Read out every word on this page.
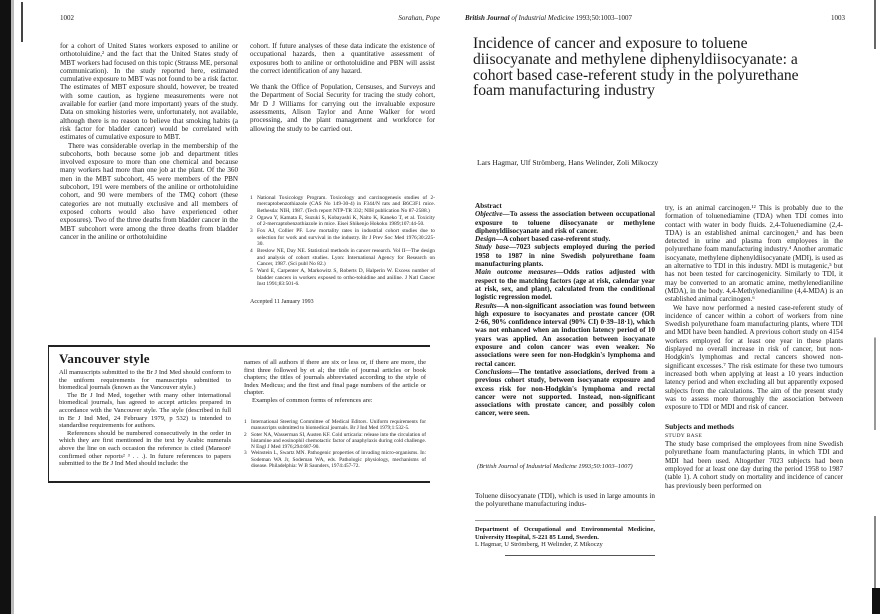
1002	Sorahan, Pope

for a cohort of United States workers exposed to aniline or orthotoluidine,² and the fact that the United States study of MBT workers had focused on this topic (Strauss ME, personal communication). In the study reported here, estimated cumulative exposure to MBT was not found to be a risk factor. The estimates of MBT exposure should, however, be treated with some caution, as hygiene measurements were not available for earlier (and more important) years of the study. Data on smoking histories were, unfortunately, not available, although there is no reason to believe that smoking habits (a risk factor for bladder cancer) would be correlated with estimates of cumulative exposure to MBT.

There was considerable overlap in the membership of the subcohorts, both because some job and department titles involved exposure to more than one chemical and because many workers had more than one job at the plant. Of the 360 men in the MBT subcohort, 45 were members of the PBN subcohort, 191 were members of the aniline or orthotoluidine cohort, and 90 were members of the TMQ cohort (these categories are not mutually exclusive and all members of exposed cohorts would also have experienced other exposures). Two of the three deaths from bladder cancer in the MBT subcohort were among the three deaths from bladder cancer in the aniline or orthotoluidine

cohort. If future analyses of these data indicate the existence of occupational hazards, then a quantitative assessment of exposures both to aniline or orthotoluidine and PBN will assist the correct identification of any hazard.

We thank the Office of Population, Censuses, and Surveys and the Department of Social Security for tracing the study cohort, Mr D J Williams for carrying out the invaluable exposure assessments, Alison Taylor and Anne Walker for word processing, and the plant management and workforce for allowing the study to be carried out.

1 National Toxicology Program. Toxicology and carcinogenesis studies of 2-mercaptobenzothiazole (CAS No 149-30-4) in F344/N rats and B6C3F1 mice. Bethesda: NIH, 1987. (Tech report NTP-TR 332; NIH publication No 87-2588.)
2 Ogawa Y, Kamata E, Suzuki S, Kobayashi K, Naito K, Kaneko T, et al. Toxicity of 2-mercaptobenzothiazole in mice. Eisei Shikenjo Hokoku 1989;107:44-50.
3 Fox AJ, Collier PF. Low mortality rates in industrial cohort studies due to selection for work and survival in the industry. Br J Prev Soc Med 1976;30:225-30.
4 Breslow NE, Day NE. Statistical methods in cancer research. Vol II—The design and analysis of cohort studies. Lyon: International Agency for Research on Cancer, 1987. (Sci publ No 82.)
5 Ward E, Carpenter A, Markowitz S, Roberts D, Halperin W. Excess number of bladder cancers in workers exposed to ortho-toluidine and aniline. J Natl Cancer Inst 1991;83:501-6.
Accepted 11 January 1993
Vancouver style

All manuscripts submitted to the Br J Ind Med should conform to the uniform requirements for manuscripts submitted to biomedical journals (known as the Vancouver style.)

The Br J Ind Med, together with many other international biomedical journals, has agreed to accept articles prepared in accordance with the Vancouver style. The style (described in full in Br J Ind Med, 24 February 1979, p 532) is intended to standardise requirements for authors.

References should be numbered consecutively in the order in which they are first mentioned in the text by Arabic numerals above the line on each occasion the reference is cited (Manson¹ confirmed other reports² ³ . . .). In future references to papers submitted to the Br J Ind Med should include: the

names of all authors if there are six or less or, if there are more, the first three followed by et al; the title of journal articles or book chapters; the titles of journals abbreviated according to the style of Index Medicus; and the first and final page numbers of the article or chapter.

Examples of common forms of references are:

1 International Steering Committee of Medical Editors. Uniform requirements for manuscripts submitted to biomedical journals. Br J Ind Med 1979;1:532-5.
2 Soter NA, Wasserman SI, Austen KF. Cold urticaria: release into the circulation of histamine and eosinophil chemotactic factor of anaphylaxis during cold challenge. N Engl J Med 1976;294:687-90.
3 Weinstein L, Swartz MN. Pathogenic properties of invading micro-organisms. In: Sodeman WA Jr, Sodeman WA, eds. Pathologic physiology, mechanisms of disease. Philadelphia: W B Saunders, 1974:457-72.
British Journal of Industrial Medicine 1993;50:1003–1007	1003
Incidence of cancer and exposure to toluene diisocyanate and methylene diphenyldiisocyanate: a cohort based case-referent study in the polyurethane foam manufacturing industry
Lars Hagmar, Ulf Strömberg, Hans Welinder, Zoli Mikoczy
Abstract

Objective—To assess the association between occupational exposure to toluene diisocyanate or methylene diphenyldiisocyanate and risk of cancer.

Design—A cohort based case-referent study.

Study base—7023 subjects employed during the period 1958 to 1987 in nine Swedish polyurethane foam manufacturing plants.

Main outcome measures—Odds ratios adjusted with respect to the matching factors (age at risk, calendar year at risk, sex, and plant), calculated from the conditional logistic regression model.

Results—A non-significant association was found between high exposure to isocyanates and prostate cancer (OR 2·66, 90% confidence interval (90% CI) 0·39–18·1), which was not enhanced when an induction latency period of 10 years was applied. An assocation between isocyanate exposure and colon cancer was even weaker. No associations were seen for non-Hodgkin's lymphoma and rectal cancer.

Conclusions—The tentative associations, derived from a previous cohort study, between isocyanate exposure and excess risk for non-Hodgkin's lymphoma and rectal cancer were not supported. Instead, non-significant associations with prostate cancer, and possibly colon cancer, were seen.

(British Journal of Industrial Medicine 1993;50:1003–1007)

Toluene diisocyanate (TDI), which is used in large amounts in the polyurethane manufacturing indus-

Department of Occupational and Environmental Medicine, University Hospital, S-221 85 Lund, Sweden.

L Hagmar, U Strömberg, H Welinder, Z Mikoczy

try, is an animal carcinogen.¹² This is probably due to the formation of toluenediamine (TDA) when TDI comes into contact with water in body fluids. 2,4-Toluenediamine (2,4-TDA) is an established animal carcinogen,³ and has been detected in urine and plasma from employees in the polyurethane foam manufacturing industry.⁴ Another aromatic isocyanate, methylene diphenyldiisocyanate (MDI), is used as an alternative to TDI in this industry. MDI is mutagenic,⁵ but has not been tested for carcinogenicity. Similarly to TDI, it may be converted to an aromatic amine, methylenedianiline (MDA), in the body. 4,4-Methylenedianiline (4,4-MDA) is an established animal carcinogen.⁶

We have now performed a nested case-referent study of incidence of cancer within a cohort of workers from nine Swedish polyurethane foam manufacturing plants, where TDI and MDI have been handled. A previous cohort study on 4154 workers employed for at least one year in these plants displayed no overall increase in risk of cancer, but non-Hodgkin's lymphomas and rectal cancers showed non-significant excesses.⁷ The risk estimate for these two tumours increased both when applying at least a 10 years induction latency period and when excluding all but apparently exposed subjects from the calculations. The aim of the present study was to assess more thoroughly the association between exposure to TDI or MDI and risk of cancer.

Subjects and methods
STUDY BASE

The study base comprised the employees from nine Swedish polyurethane foam manufacturing plants, in which TDI and MDI had been used. Altogether 7023 subjects had been employed for at least one day during the period 1958 to 1987 (table 1). A cohort study on mortality and incidence of cancer has previously been performed on
